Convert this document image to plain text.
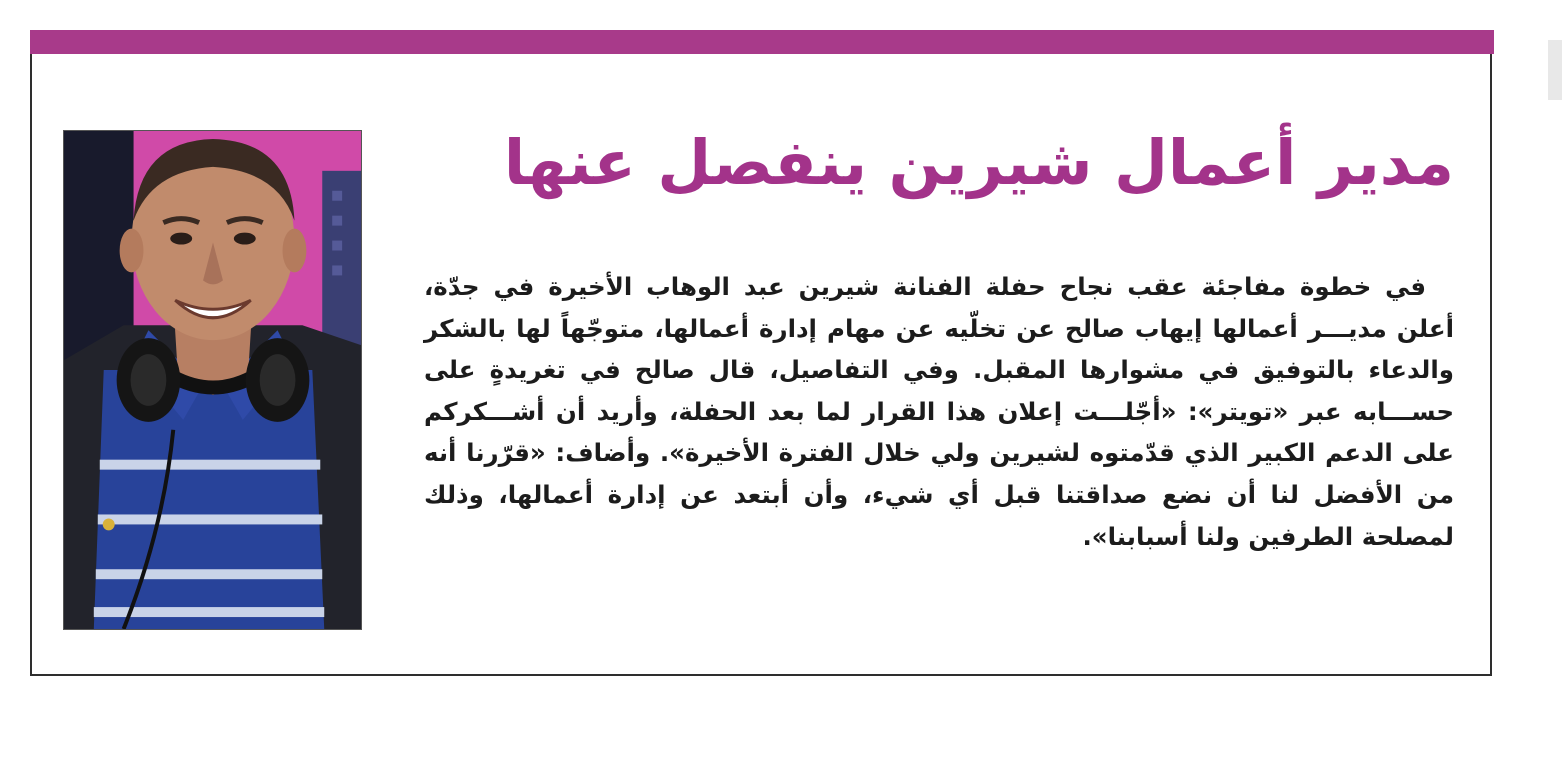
مدير أعمال شيرين ينفصل عنها

في خطوة مفاجئة عقب نجاح حفلة الفنانة شيرين عبد الوهاب الأخيرة في جدّة، أعلن مديـــر أعمالها إيهاب صالح عن تخلّيه عن مهام إدارة أعمالها، متوجّهاً لها بالشكر والدعاء بالتوفيق في مشوارها المقبل. وفي التفاصيل، قال صالح في تغريدةٍ على حســـابه عبر «تويتر»: «أجّلـــت إعلان هذا القرار لما بعد الحفلة، وأريد أن أشـــكركم على الدعم الكبير الذي قدّمتوه لشيرين ولي خلال الفترة الأخيرة». وأضاف: «قرّرنا أنه من الأفضل لنا أن نضع صداقتنا قبل أي شيء، وأن أبتعد عن إدارة أعمالها، وذلك لمصلحة الطرفين ولنا أسبابنا».
